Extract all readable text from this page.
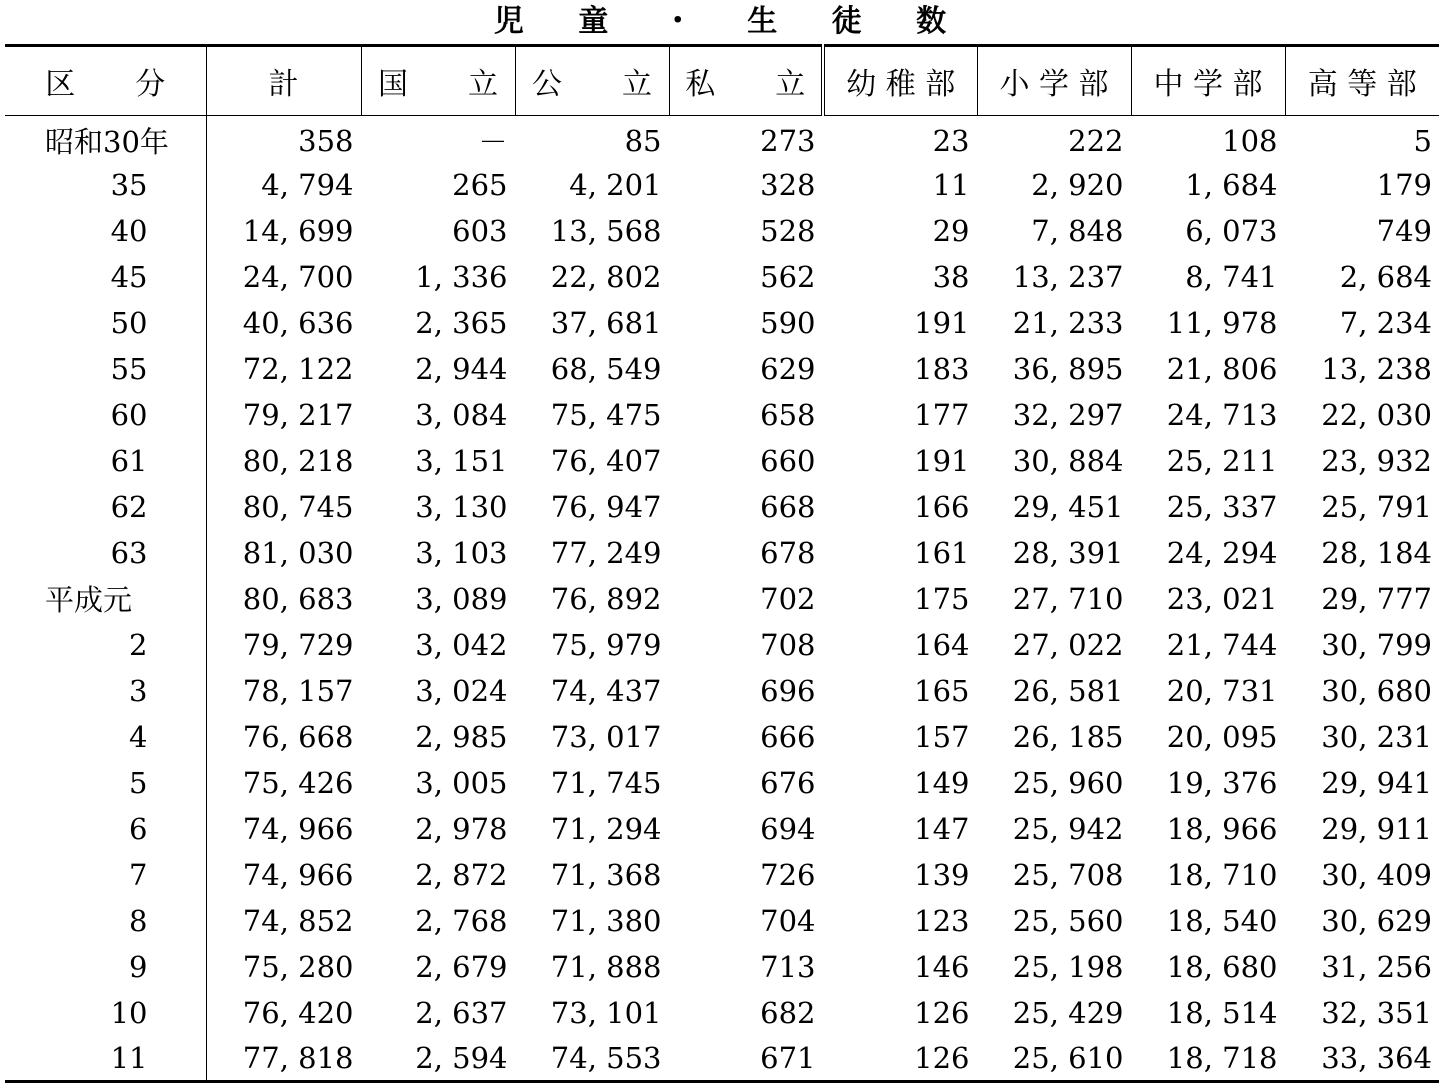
児 童 ・ 生 徒 数
区　　分	計	国　　立	公　　立	私　　立	幼 稚 部	小 学 部	中 学 部	高 等 部
昭和30年	358	－	85	273	23	222	108	5
35	4, 794	265	4, 201	328	11	2, 920	1, 684	179
40	14, 699	603	13, 568	528	29	7, 848	6, 073	749
45	24, 700	1, 336	22, 802	562	38	13, 237	8, 741	2, 684
50	40, 636	2, 365	37, 681	590	191	21, 233	11, 978	7, 234
55	72, 122	2, 944	68, 549	629	183	36, 895	21, 806	13, 238
60	79, 217	3, 084	75, 475	658	177	32, 297	24, 713	22, 030
61	80, 218	3, 151	76, 407	660	191	30, 884	25, 211	23, 932
62	80, 745	3, 130	76, 947	668	166	29, 451	25, 337	25, 791
63	81, 030	3, 103	77, 249	678	161	28, 391	24, 294	28, 184
平成元	80, 683	3, 089	76, 892	702	175	27, 710	23, 021	29, 777
2	79, 729	3, 042	75, 979	708	164	27, 022	21, 744	30, 799
3	78, 157	3, 024	74, 437	696	165	26, 581	20, 731	30, 680
4	76, 668	2, 985	73, 017	666	157	26, 185	20, 095	30, 231
5	75, 426	3, 005	71, 745	676	149	25, 960	19, 376	29, 941
6	74, 966	2, 978	71, 294	694	147	25, 942	18, 966	29, 911
7	74, 966	2, 872	71, 368	726	139	25, 708	18, 710	30, 409
8	74, 852	2, 768	71, 380	704	123	25, 560	18, 540	30, 629
9	75, 280	2, 679	71, 888	713	146	25, 198	18, 680	31, 256
10	76, 420	2, 637	73, 101	682	126	25, 429	18, 514	32, 351
11	77, 818	2, 594	74, 553	671	126	25, 610	18, 718	33, 364
